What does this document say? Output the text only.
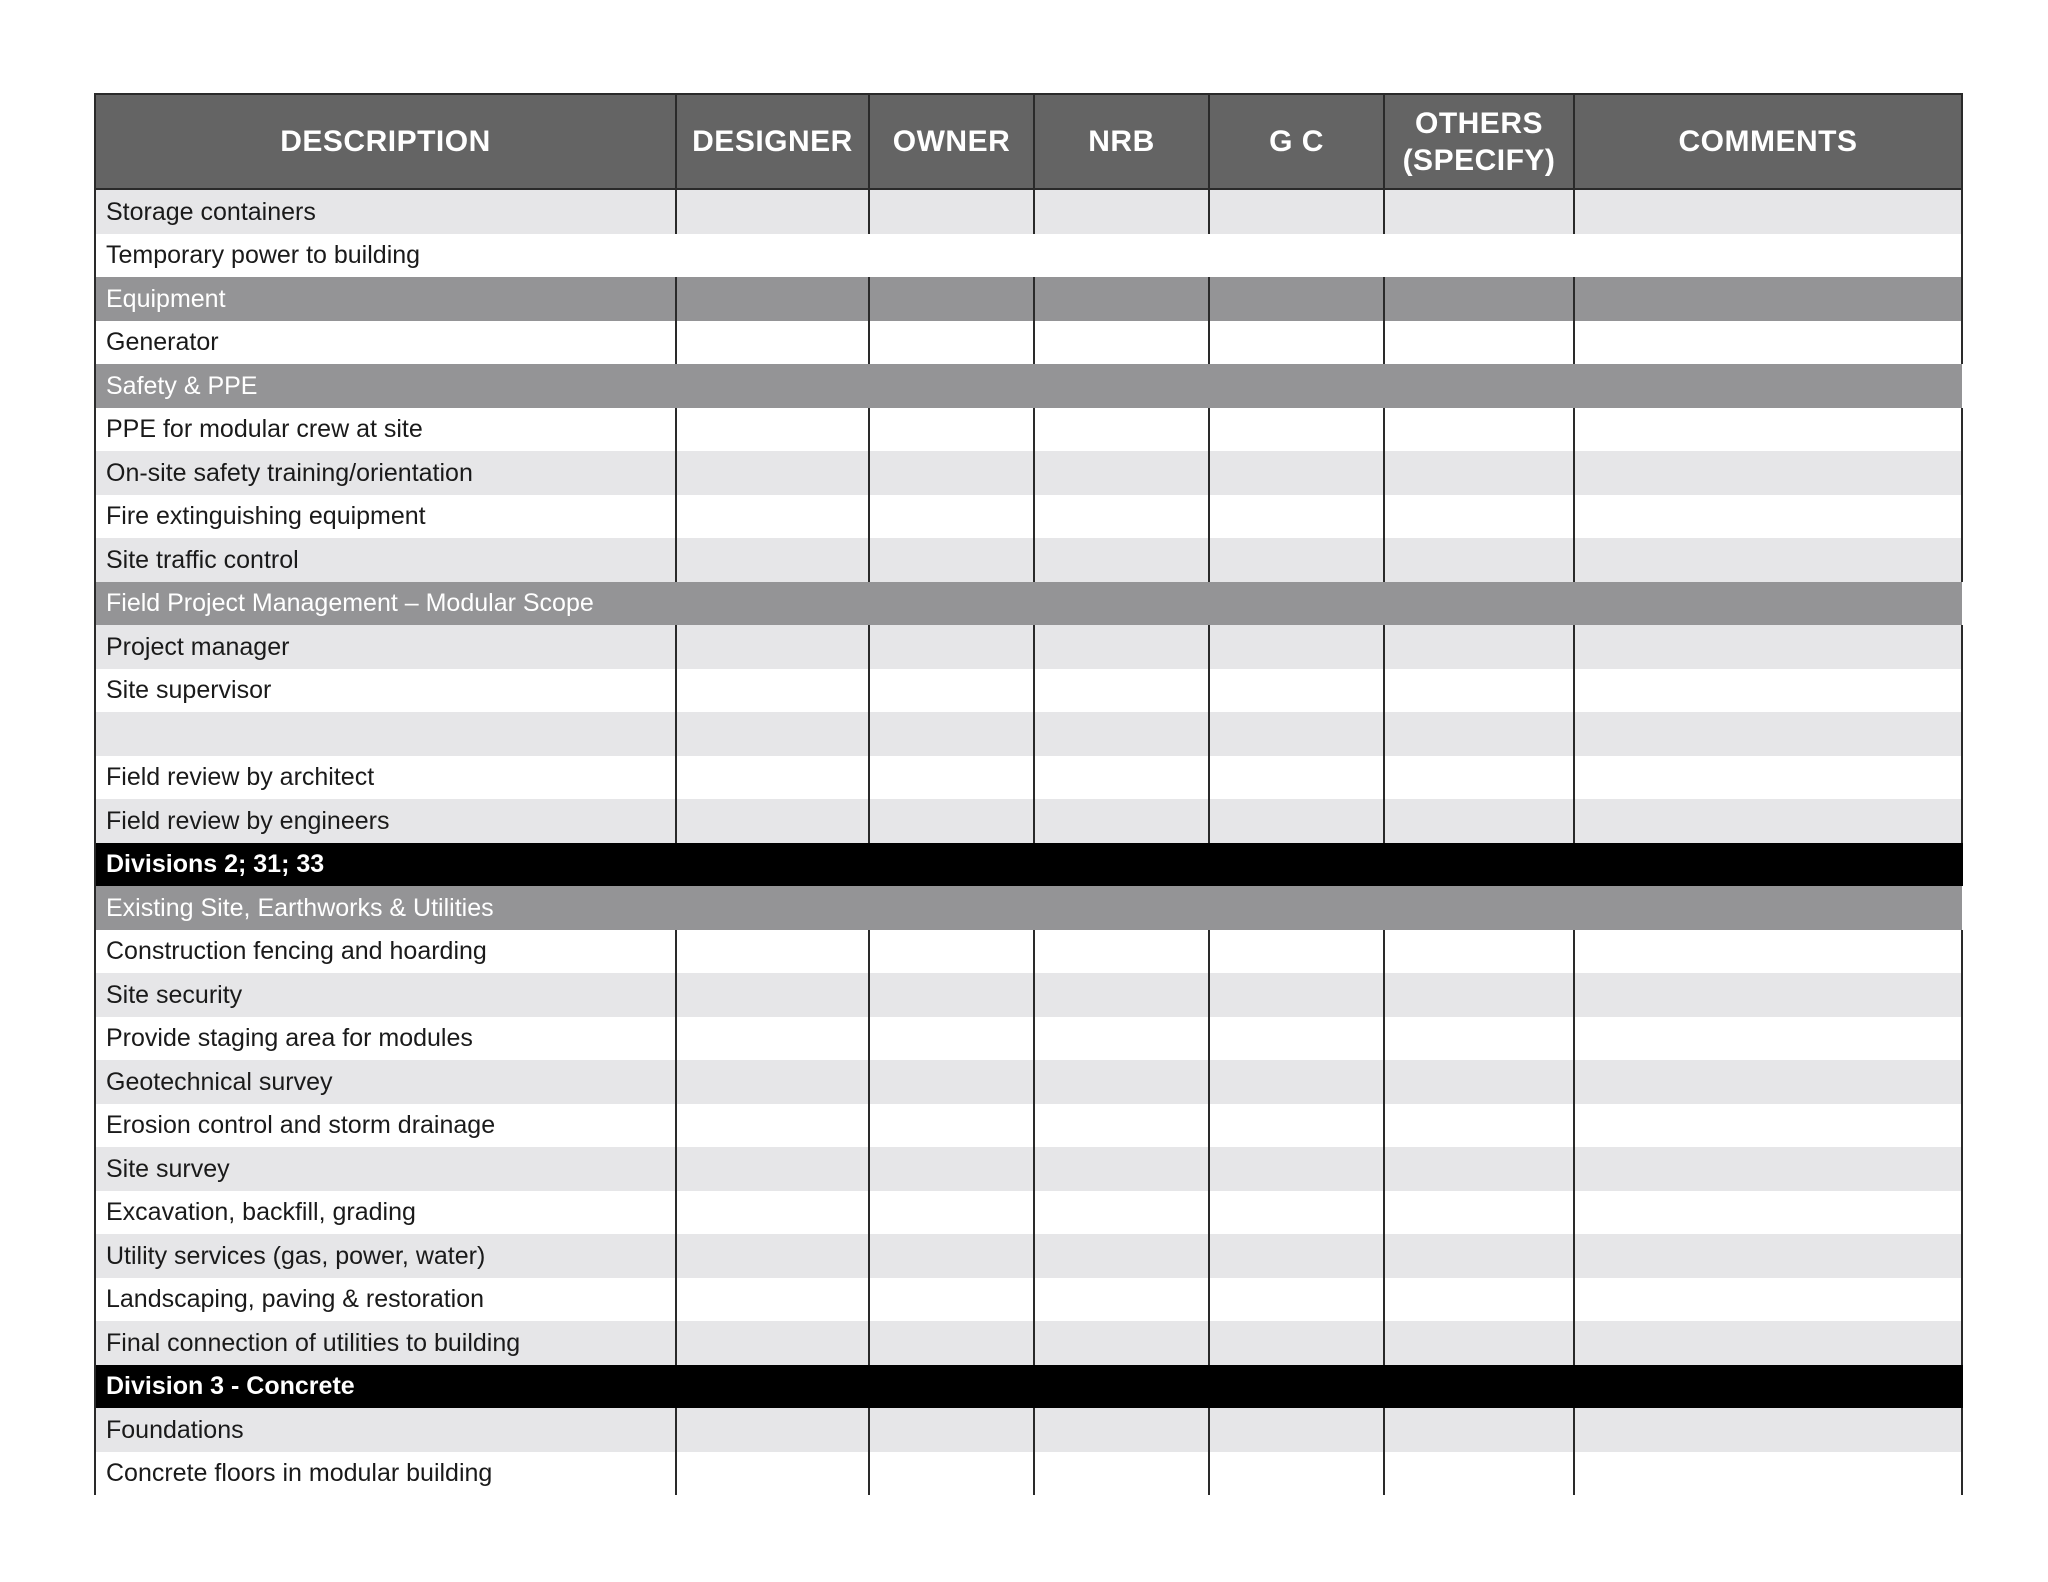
DESCRIPTION	DESIGNER	OWNER	NRB	G C	OTHERS (SPECIFY)	COMMENTS
Storage containers						
Temporary power to building						
Equipment						
Generator						
Safety & PPE						
PPE for modular crew at site						
On-site safety training/orientation						
Fire extinguishing equipment						
Site traffic control						
Field Project Management – Modular Scope						
Project manager						
Site supervisor						

Field review by architect						
Field review by engineers						
Divisions 2; 31; 33						
Existing Site, Earthworks & Utilities						
Construction fencing and hoarding						
Site security						
Provide staging area for modules						
Geotechnical survey						
Erosion control and storm drainage						
Site survey						
Excavation, backfill, grading						
Utility services (gas, power, water)						
Landscaping, paving & restoration						
Final connection of utilities to building						
Division 3 - Concrete						
Foundations						
Concrete floors in modular building						
